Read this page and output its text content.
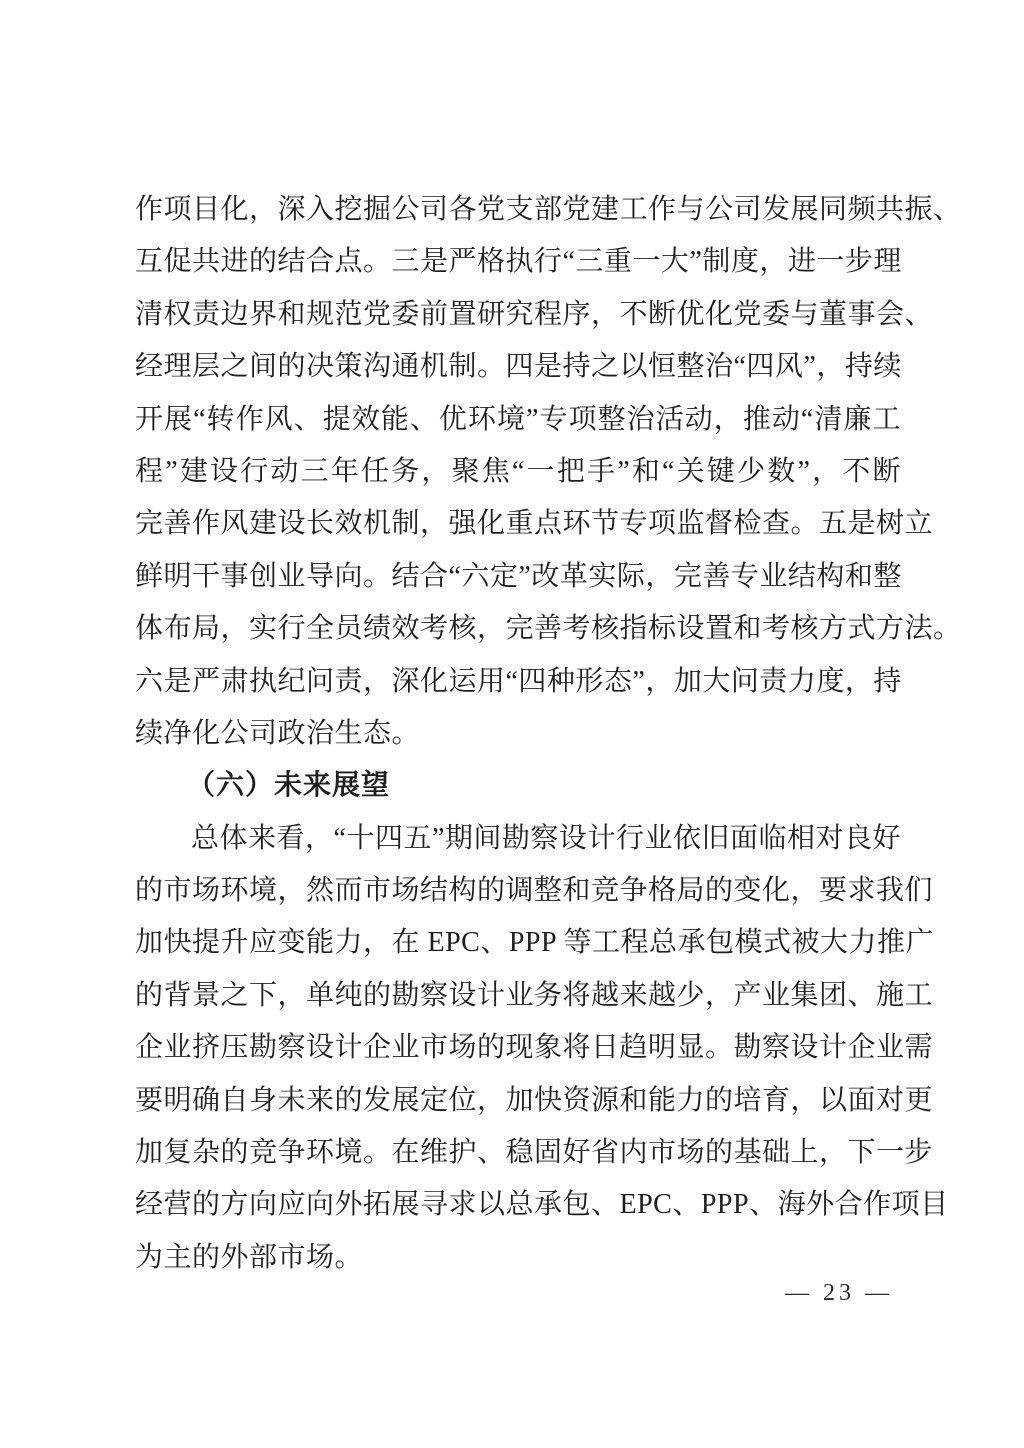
作项目化，深入挖掘公司各党支部党建工作与公司发展同频共振、
互促共进的结合点。三是严格执行“三重一大”制度，进一步理
清权责边界和规范党委前置研究程序，不断优化党委与董事会、
经理层之间的决策沟通机制。四是持之以恒整治“四风”，持续
开展“转作风、提效能、优环境”专项整治活动，推动“清廉工
程”建设行动三年任务，聚焦“一把手”和“关键少数”，不断
完善作风建设长效机制，强化重点环节专项监督检查。五是树立
鲜明干事创业导向。结合“六定”改革实际，完善专业结构和整
体布局，实行全员绩效考核，完善考核指标设置和考核方式方法。
六是严肃执纪问责，深化运用“四种形态”，加大问责力度，持
续净化公司政治生态。
（六）未来展望
总体来看，“十四五”期间勘察设计行业依旧面临相对良好
的市场环境，然而市场结构的调整和竞争格局的变化，要求我们
加快提升应变能力，在 EPC、PPP 等工程总承包模式被大力推广
的背景之下，单纯的勘察设计业务将越来越少，产业集团、施工
企业挤压勘察设计企业市场的现象将日趋明显。勘察设计企业需
要明确自身未来的发展定位，加快资源和能力的培育，以面对更
加复杂的竞争环境。在维护、稳固好省内市场的基础上，下一步
经营的方向应向外拓展寻求以总承包、EPC、PPP、海外合作项目
为主的外部市场。
— 23 —
